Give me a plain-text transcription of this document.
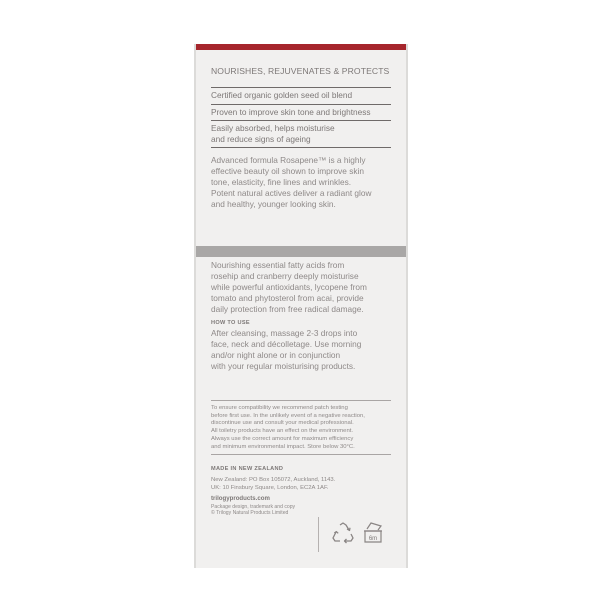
NOURISHES, REJUVENATES & PROTECTS
Certified organic golden seed oil blend
Proven to improve skin tone and brightness
Easily absorbed, helps moisturise
and reduce signs of ageing
Advanced formula Rosapene™ is a highly
effective beauty oil shown to improve skin
tone, elasticity, fine lines and wrinkles.
Potent natural actives deliver a radiant glow
and healthy, younger looking skin.
Nourishing essential fatty acids from
rosehip and cranberry deeply moisturise
while powerful antioxidants, lycopene from
tomato and phytosterol from acai, provide
daily protection from free radical damage.
HOW TO USE
After cleansing, massage 2-3 drops into
face, neck and décolletage. Use morning
and/or night alone or in conjunction
with your regular moisturising products.
To ensure compatibility we recommend patch testing
before first use. In the unlikely event of a negative reaction,
discontinue use and consult your medical professional.
All toiletry products have an effect on the environment.
Always use the correct amount for maximum efficiency
and minimum environmental impact. Store below 30°C.
MADE IN NEW ZEALAND
New Zealand: PO Box 105072, Auckland, 1143.
UK: 10 Finsbury Square, London, EC2A 1AF.
trilogyproducts.com
Package design, trademark and copy
© Trilogy Natural Products Limited
6m
